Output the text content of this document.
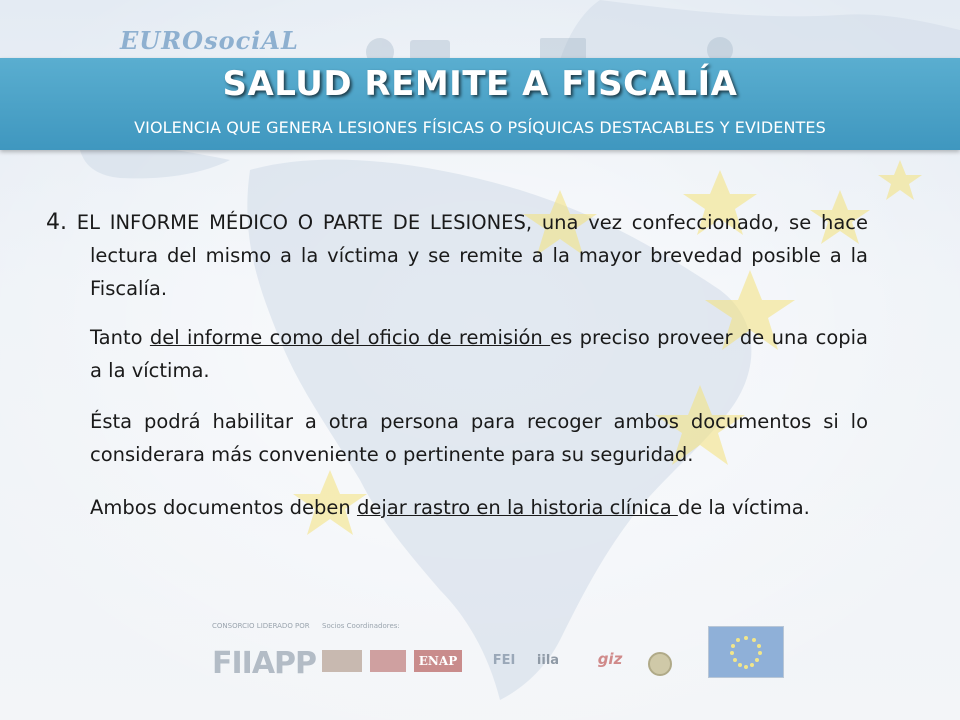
EUROsociAL
SALUD REMITE A FISCALÍA
VIOLENCIA QUE GENERA LESIONES FÍSICAS O PSÍQUICAS DESTACABLES Y EVIDENTES

4. EL INFORME MÉDICO O PARTE DE LESIONES, una vez confeccionado, se hace lectura del mismo a la víctima y se remite a la mayor brevedad posible a la Fiscalía.

Tanto del informe como del oficio de remisión es preciso proveer de una copia a la víctima.

Ésta podrá habilitar a otra persona para recoger ambos documentos si lo considerara más conveniente o pertinente para su seguridad.

Ambos documentos deben dejar rastro en la historia clínica de la víctima.

CONSORCIO LIDERADO POR Socios Coordinadores:
FIIAPP	ENAP	FEI	iila	giz
